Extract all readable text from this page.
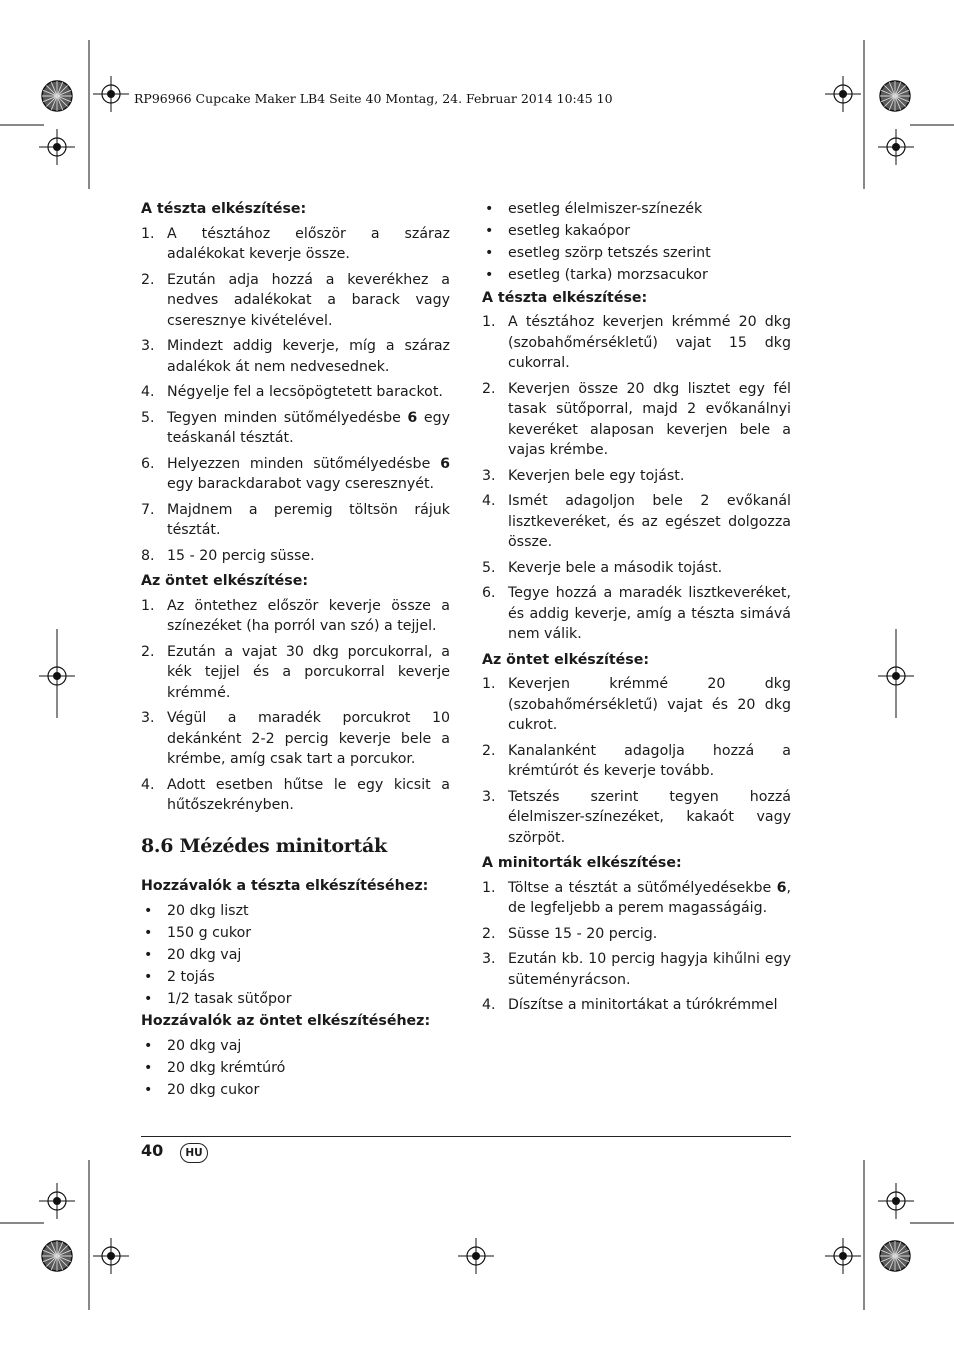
RP96966 Cupcake Maker LB4 Seite 40 Montag, 24. Februar 2014 10:45 10
A tészta elkészítése:
1. A tésztához először a száraz adalékokat keverje össze.
2. Ezután adja hozzá a keverékhez a nedves adalékokat a barack vagy cseresznye kivételével.
3. Mindezt addig keverje, míg a száraz adalékok át nem nedvesednek.
4. Négyelje fel a lecsöpögtetett barackot.
5. Tegyen minden sütőmélyedésbe 6 egy teáskanál tésztát.
6. Helyezzen minden sütőmélyedésbe 6 egy barackdarabot vagy cseresznyét.
7. Majdnem a peremig töltsön rájuk tésztát.
8. 15 - 20 percig süsse.
Az öntet elkészítése:
1. Az öntethez először keverje össze a színezéket (ha porról van szó) a tejjel.
2. Ezután a vajat 30 dkg porcukorral, a kék tejjel és a porcukorral keverje krémmé.
3. Végül a maradék porcukrot 10 dekánként 2-2 percig keverje bele a krémbe, amíg csak tart a porcukor.
4. Adott esetben hűtse le egy kicsit a hűtőszekrényben.
8.6 Mézédes minitorták
Hozzávalók a tészta elkészítéséhez:
• 20 dkg liszt
• 150 g cukor
• 20 dkg vaj
• 2 tojás
• 1/2 tasak sütőpor
Hozzávalók az öntet elkészítéséhez:
• 20 dkg vaj
• 20 dkg krémtúró
• 20 dkg cukor
• esetleg élelmiszer-színezék
• esetleg kakaópor
• esetleg szörp tetszés szerint
• esetleg (tarka) morzsacukor
A tészta elkészítése:
1. A tésztához keverjen krémmé 20 dkg (szobahőmérsékletű) vajat 15 dkg cukorral.
2. Keverjen össze 20 dkg lisztet egy fél tasak sütőporral, majd 2 evőkanálnyi keveréket alaposan keverjen bele a vajas krémbe.
3. Keverjen bele egy tojást.
4. Ismét adagoljon bele 2 evőkanál lisztkeveréket, és az egészet dolgozza össze.
5. Keverje bele a második tojást.
6. Tegye hozzá a maradék lisztkeveréket, és addig keverje, amíg a tészta simává nem válik.
Az öntet elkészítése:
1. Keverjen krémmé 20 dkg (szobahőmérsékletű) vajat és 20 dkg cukrot.
2. Kanalanként adagolja hozzá a krémtúrót és keverje tovább.
3. Tetszés szerint tegyen hozzá élelmiszer-színezéket, kakaót vagy szörpöt.
A minitorták elkészítése:
1. Töltse a tésztát a sütőmélyedésekbe 6, de legfeljebb a perem magasságáig.
2. Süsse 15 - 20 percig.
3. Ezután kb. 10 percig hagyja kihűlni egy süteményrácson.
4. Díszítse a minitortákat a túrókrémmel
40	HU
